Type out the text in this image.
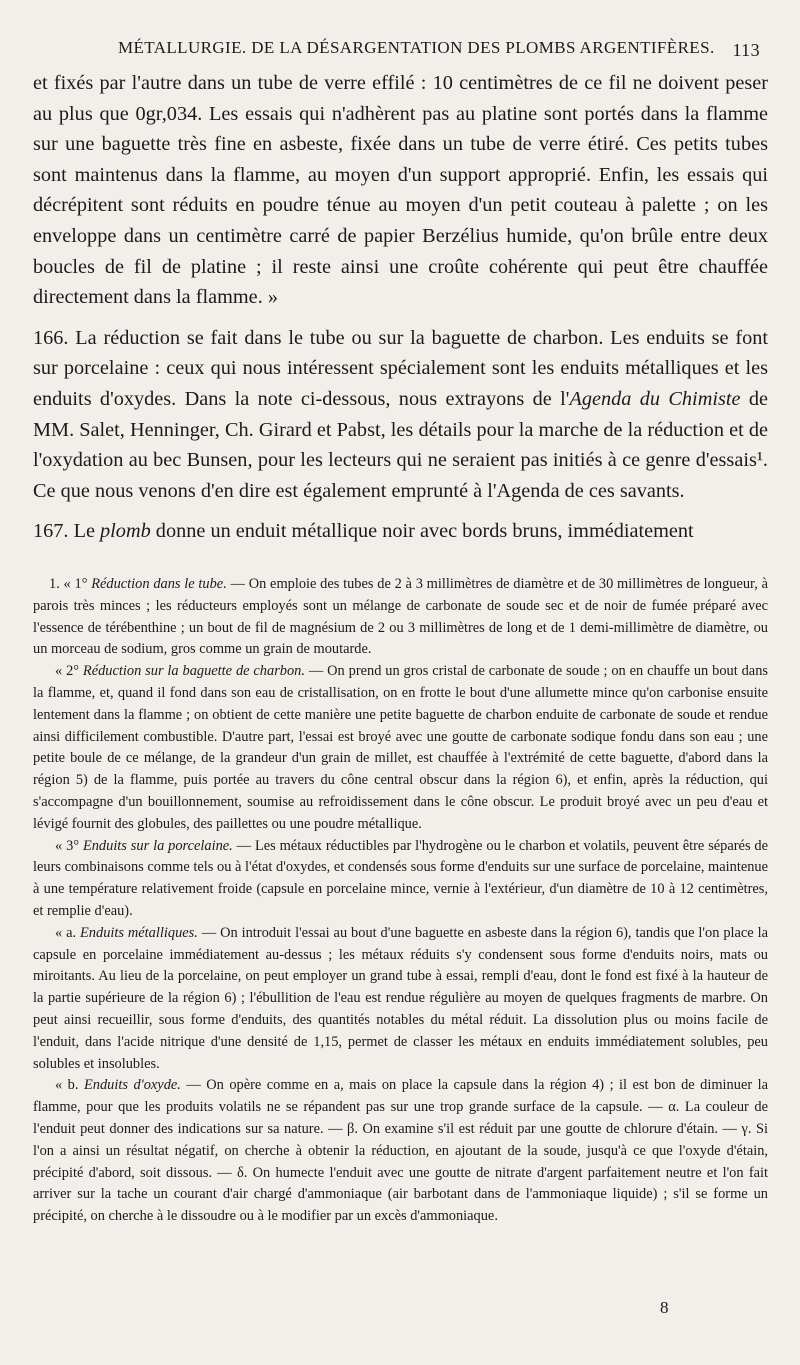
MÉTALLURGIE. DE LA DÉSARGENTATION DES PLOMBS ARGENTIFÈRES. 113

et fixés par l'autre dans un tube de verre effilé : 10 centimètres de ce fil ne doivent peser au plus que 0gr,034. Les essais qui n'adhèrent pas au platine sont portés dans la flamme sur une baguette très fine en asbeste, fixée dans un tube de verre étiré. Ces petits tubes sont maintenus dans la flamme, au moyen d'un support approprié. Enfin, les essais qui décrépitent sont réduits en poudre ténue au moyen d'un petit couteau à palette ; on les enveloppe dans un centimètre carré de papier Berzélius humide, qu'on brûle entre deux boucles de fil de platine ; il reste ainsi une croûte cohérente qui peut être chauffée directement dans la flamme. »

166. La réduction se fait dans le tube ou sur la baguette de charbon. Les enduits se font sur porcelaine : ceux qui nous intéressent spécialement sont les enduits métalliques et les enduits d'oxydes. Dans la note ci-dessous, nous extrayons de l'Agenda du Chimiste de MM. Salet, Henninger, Ch. Girard et Pabst, les détails pour la marche de la réduction et de l'oxydation au bec Bunsen, pour les lecteurs qui ne seraient pas initiés à ce genre d'essais¹. Ce que nous venons d'en dire est également emprunté à l'Agenda de ces savants.

167. Le plomb donne un enduit métallique noir avec bords bruns, immédiatement

1. « 1° Réduction dans le tube. — On emploie des tubes de 2 à 3 millimètres de diamètre et de 30 millimètres de longueur, à parois très minces ; les réducteurs employés sont un mélange de carbonate de soude sec et de noir de fumée préparé avec l'essence de térébenthine ; un bout de fil de magnésium de 2 ou 3 millimètres de long et de 1 demi-millimètre de diamètre, ou un morceau de sodium, gros comme un grain de moutarde.

« 2° Réduction sur la baguette de charbon. — On prend un gros cristal de carbonate de soude ; on en chauffe un bout dans la flamme, et, quand il fond dans son eau de cristallisation, on en frotte le bout d'une allumette mince qu'on carbonise ensuite lentement dans la flamme ; on obtient de cette manière une petite baguette de charbon enduite de carbonate de soude et rendue ainsi difficilement combustible. D'autre part, l'essai est broyé avec une goutte de carbonate sodique fondu dans son eau ; une petite boule de ce mélange, de la grandeur d'un grain de millet, est chauffée à l'extrémité de cette baguette, d'abord dans la région 5) de la flamme, puis portée au travers du cône central obscur dans la région 6), et enfin, après la réduction, qui s'accompagne d'un bouillonnement, soumise au refroidissement dans le cône obscur. Le produit broyé avec un peu d'eau et lévigé fournit des globules, des paillettes ou une poudre métallique.

« 3° Enduits sur la porcelaine. — Les métaux réductibles par l'hydrogène ou le charbon et volatils, peuvent être séparés de leurs combinaisons comme tels ou à l'état d'oxydes, et condensés sous forme d'enduits sur une surface de porcelaine, maintenue à une température relativement froide (capsule en porcelaine mince, vernie à l'extérieur, d'un diamètre de 10 à 12 centimètres, et remplie d'eau).

« a. Enduits métalliques. — On introduit l'essai au bout d'une baguette en asbeste dans la région 6), tandis que l'on place la capsule en porcelaine immédiatement au-dessus ; les métaux réduits s'y condensent sous forme d'enduits noirs, mats ou miroitants. Au lieu de la porcelaine, on peut employer un grand tube à essai, rempli d'eau, dont le fond est fixé à la hauteur de la partie supérieure de la région 6) ; l'ébullition de l'eau est rendue régulière au moyen de quelques fragments de marbre. On peut ainsi recueillir, sous forme d'enduits, des quantités notables du métal réduit. La dissolution plus ou moins facile de l'enduit, dans l'acide nitrique d'une densité de 1,15, permet de classer les métaux en enduits immédiatement solubles, peu solubles et insolubles.

« b. Enduits d'oxyde. — On opère comme en a, mais on place la capsule dans la région 4) ; il est bon de diminuer la flamme, pour que les produits volatils ne se répandent pas sur une trop grande surface de la capsule. — α. La couleur de l'enduit peut donner des indications sur sa nature. — β. On examine s'il est réduit par une goutte de chlorure d'étain. — γ. Si l'on a ainsi un résultat négatif, on cherche à obtenir la réduction, en ajoutant de la soude, jusqu'à ce que l'oxyde d'étain, précipité d'abord, soit dissous. — δ. On humecte l'enduit avec une goutte de nitrate d'argent parfaitement neutre et l'on fait arriver sur la tache un courant d'air chargé d'ammoniaque (air barbotant dans de l'ammoniaque liquide) ; s'il se forme un précipité, on cherche à le dissoudre ou à le modifier par un excès d'ammoniaque.

8
